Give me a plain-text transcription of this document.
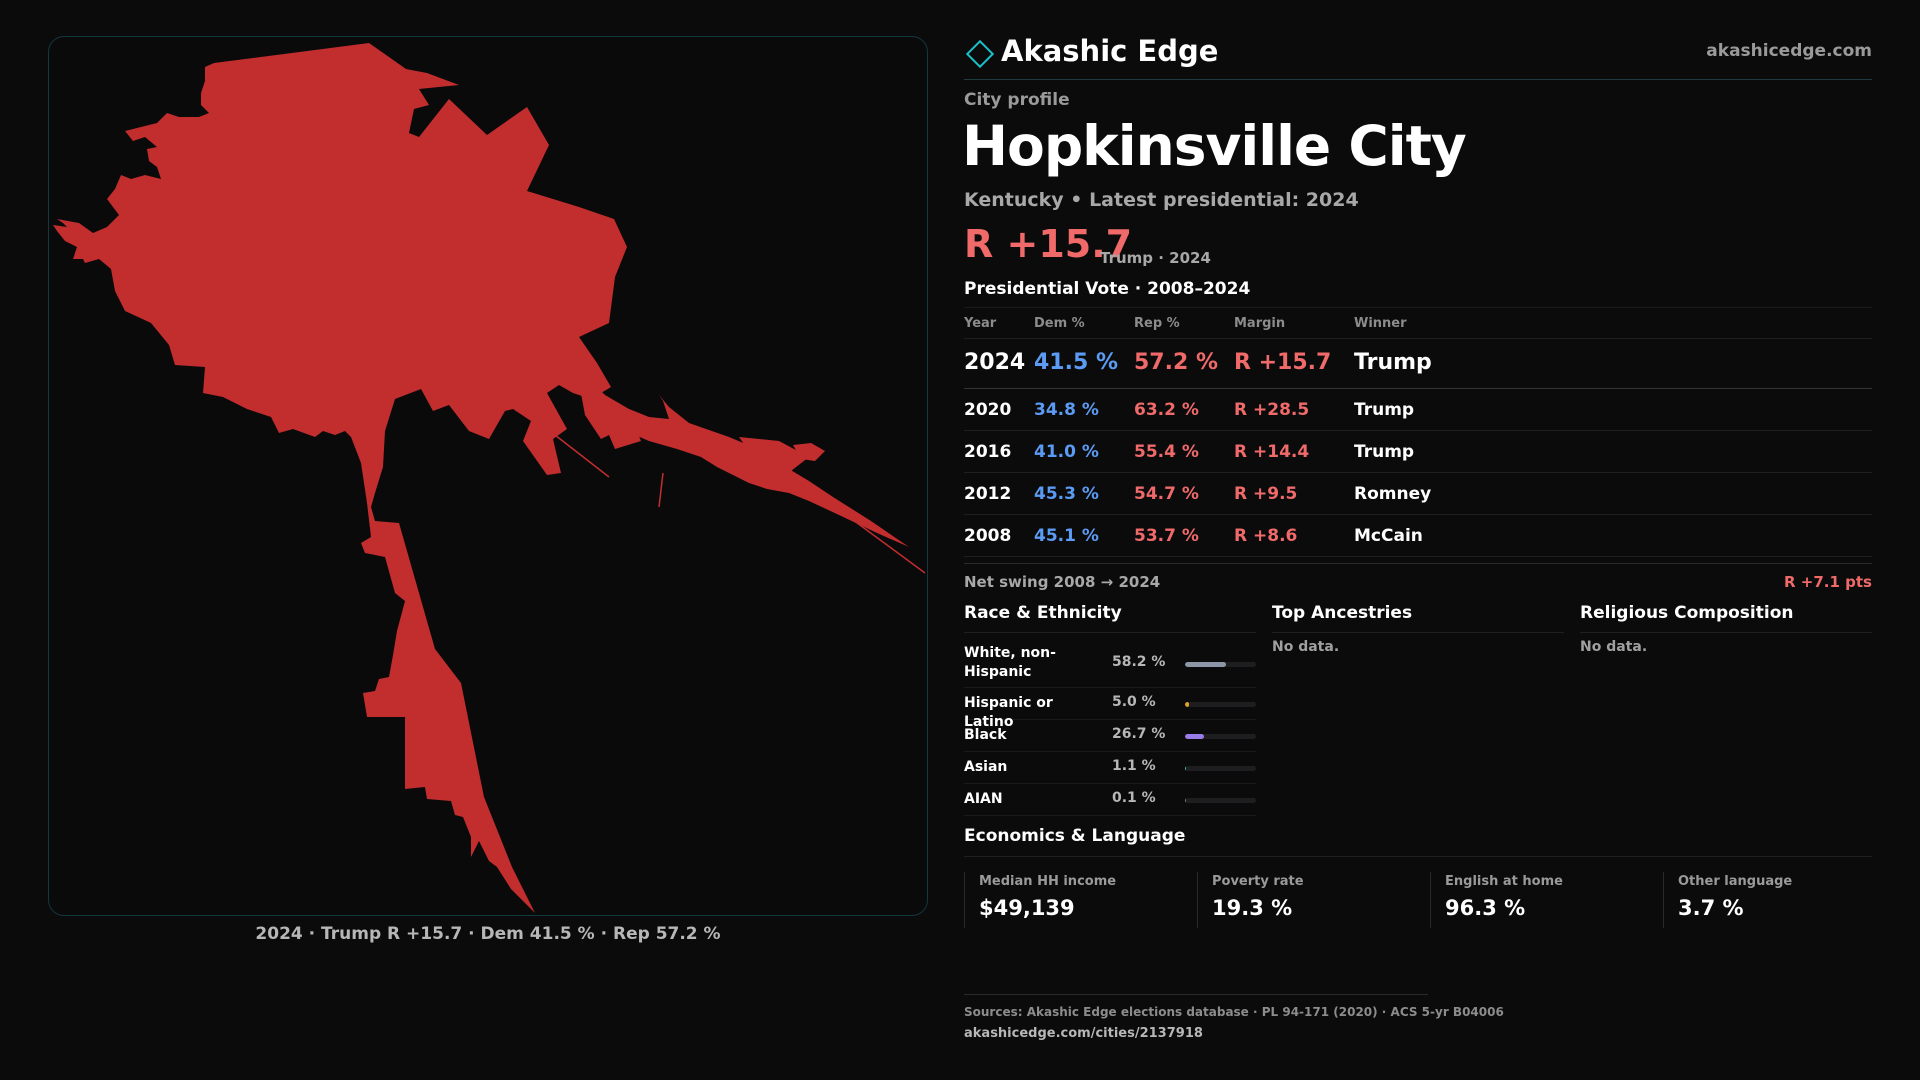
2024 · Trump R +15.7 · Dem 41.5 % · Rep 57.2 %
Akashic Edge	akashicedge.com
City profile
Hopkinsville City
Kentucky • Latest presidential: 2024
R +15.7
Trump · 2024
Presidential Vote · 2008–2024
Year	Dem %	Rep %	Margin	Winner
2024 41.5 % 57.2 % R +15.7 Trump
2020 34.8 % 63.2 % R +28.5	Trump
2016 41.0 % 55.4 % R +14.4	Trump
2012 45.3 % 54.7 % R +9.5	Romney
2008 45.1 % 53.7 % R +8.6	McCain
Net swing 2008 → 2024	R +7.1 pts
Race & Ethnicity
White, non-Hispanic
58.2 %
Hispanic or Latino
5.0 %
Black	26.7 %
Asian	1.1 %
AIAN	0.1 %
Top Ancestries
No data.
Religious Composition
No data.
Economics & Language
Median HH income
$49,139
Poverty rate
19.3 %
English at home
96.3 %
Other language
3.7 %
Sources: Akashic Edge elections database · PL 94-171 (2020) · ACS 5-yr B04006
akashicedge.com/cities/2137918
